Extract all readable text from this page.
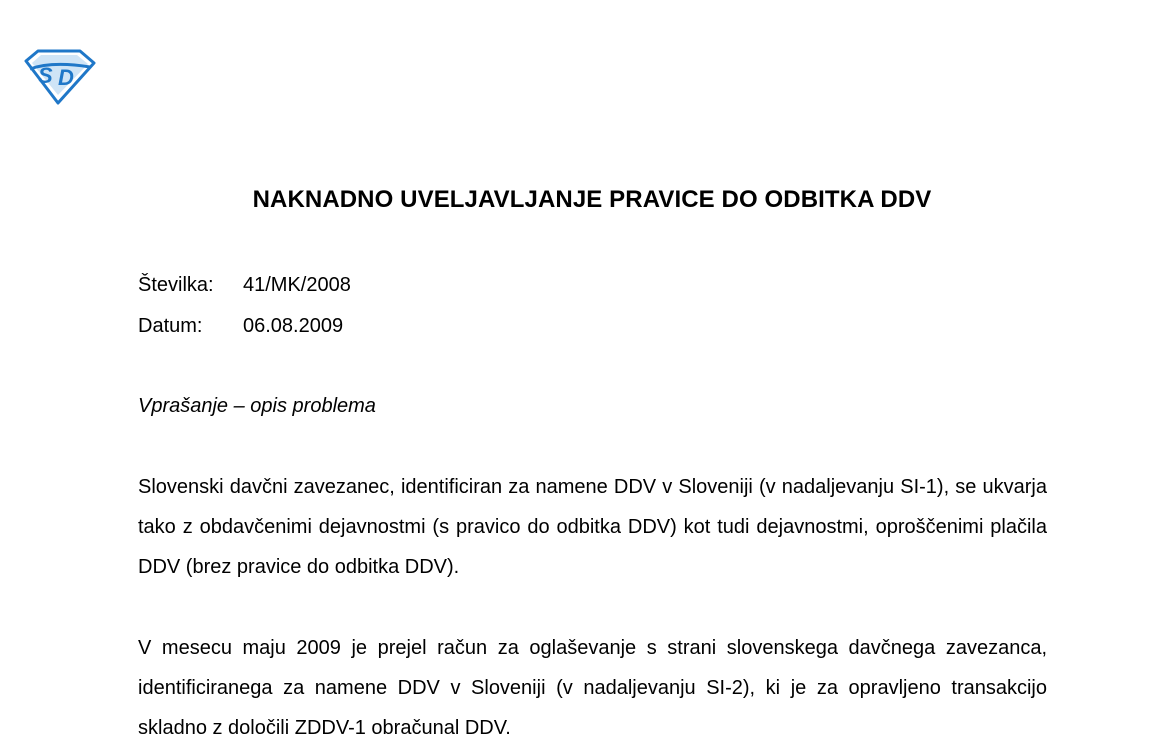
S D
NAKNADNO UVELJAVLJANJE PRAVICE DO ODBITKA DDV
Številka: 41/MK/2008
Datum: 06.08.2009
Vprašanje – opis problema
Slovenski davčni zavezanec, identificiran za namene DDV v Sloveniji (v nadaljevanju SI-1), se ukvarja tako z obdavčenimi dejavnostmi (s pravico do odbitka DDV) kot tudi dejavnostmi, oproščenimi plačila DDV (brez pravice do odbitka DDV).
V mesecu maju 2009 je prejel račun za oglaševanje s strani slovenskega davčnega zavezanca, identificiranega za namene DDV v Sloveniji (v nadaljevanju SI-2), ki je za opravljeno transakcijo skladno z določili ZDDV-1 obračunal DDV.
